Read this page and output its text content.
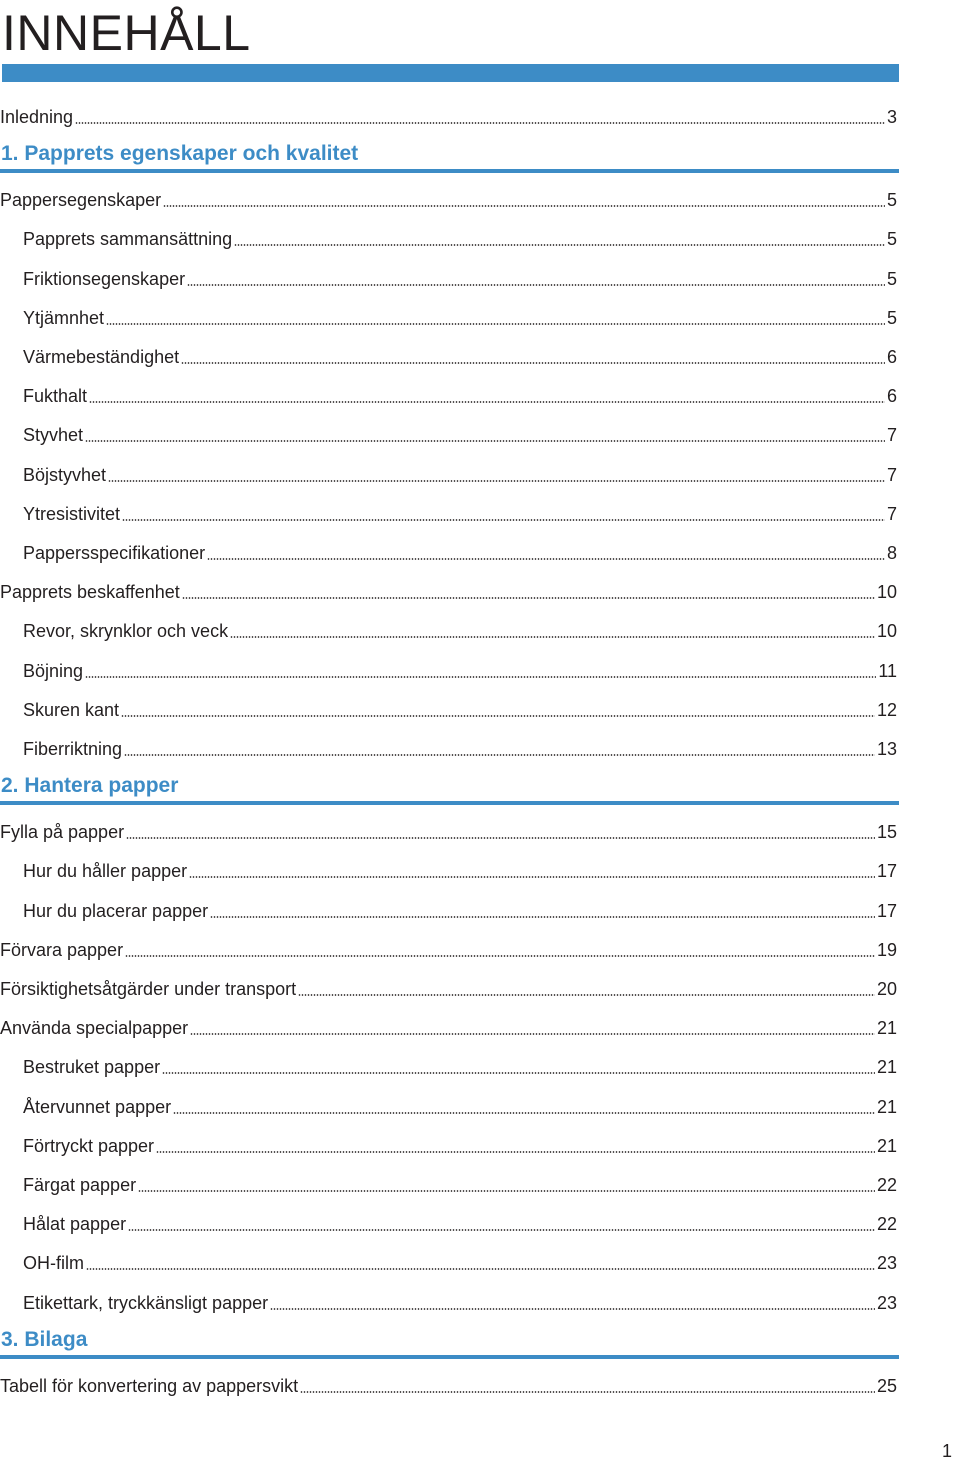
INNEHÅLL
Inledning	3
1. Papprets egenskaper och kvalitet
Pappersegenskaper	5
Papprets sammansättning	5
Friktionsegenskaper	5
Ytjämnhet	5
Värmebeständighet	6
Fukthalt	6
Styvhet	7
Böjstyvhet	7
Ytresistivitet	7
Pappersspecifikationer	8
Papprets beskaffenhet	10
Revor, skrynklor och veck	10
Böjning	11
Skuren kant	12
Fiberriktning	13
2. Hantera papper
Fylla på papper	15
Hur du håller papper	17
Hur du placerar papper	17
Förvara papper	19
Försiktighetsåtgärder under transport	20
Använda specialpapper	21
Bestruket papper	21
Återvunnet papper	21
Förtryckt papper	21
Färgat papper	22
Hålat papper	22
OH-film	23
Etikettark, tryckkänsligt papper	23
3. Bilaga
Tabell för konvertering av pappersvikt	25
1
